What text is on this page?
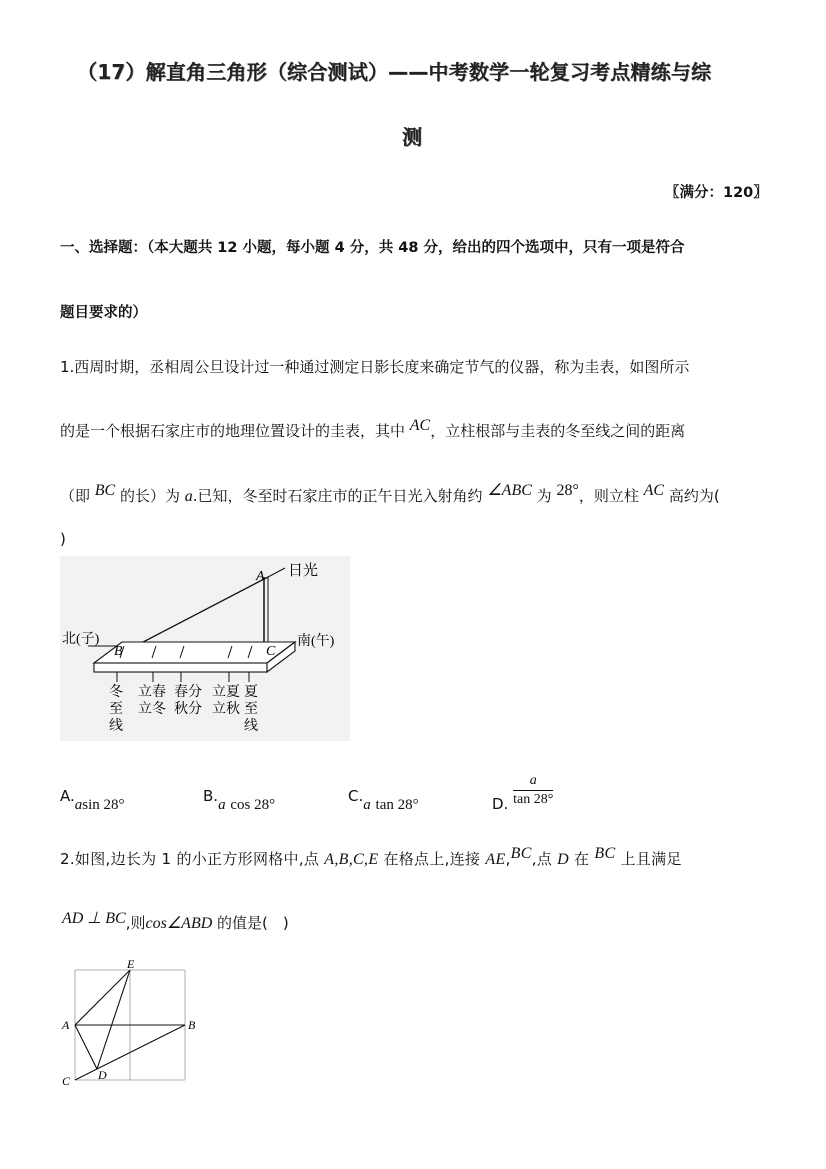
（17）解直角三角形（综合测试）——中考数学一轮复习考点精练与综
测
〖满分：120〗
一、选择题：（本大题共 12 小题，每小题 4 分，共 48 分，给出的四个选项中，只有一项是符合
题目要求的）
1.西周时期，丞相周公旦设计过一种通过测定日影长度来确定节气的仪器，称为圭表，如图所示
的是一个根据石家庄市的地理位置设计的圭表，其中 AC，立柱根部与圭表的冬至线之间的距离
（即 BC 的长）为 a.已知，冬至时石家庄市的正午日光入射角约 ∠ABC 为 28°，则立柱 AC 高约为(
)
A
B	C
日光
北(子)	南(午)
冬
至
线
立春
立冬
春分
秋分
立夏
立秋
夏
至
线
A.asin 28°	B.a cos 28°	C.a tan 28°	D. $\frac{a}{\tan 28^\circ}$
2.如图,边长为 1 的小正方形网格中,点 A,B,C,E 在格点上,连接 AE,BC,点 D 在 BC 上且满足
AD ⊥ BC,则cos∠ABD 的值是(　)
E
A	B
C D
